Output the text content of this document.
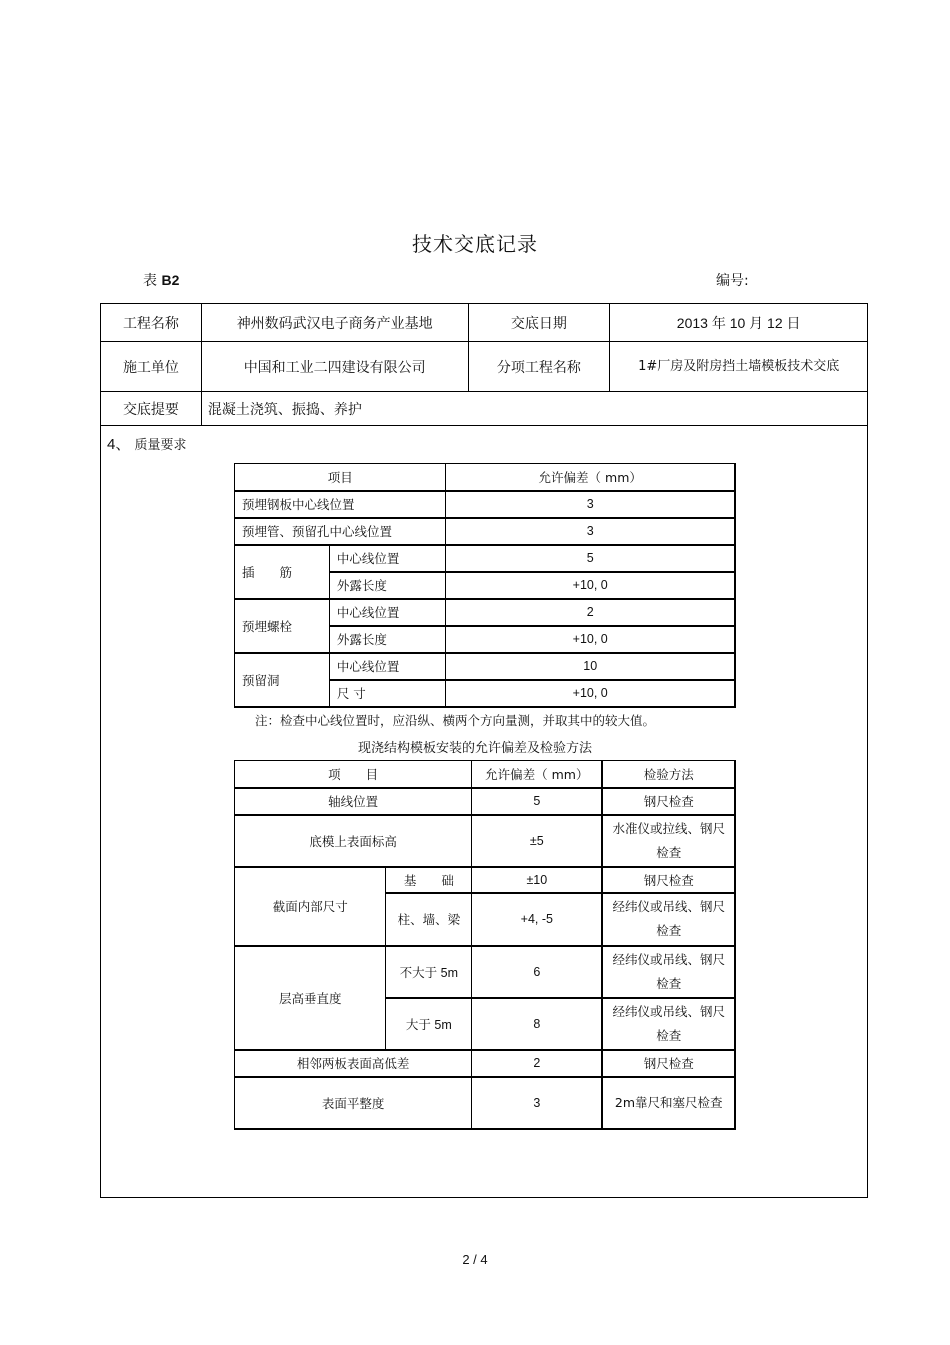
技术交底记录
表 B2	编号:
工程名称	神州数码武汉电子商务产业基地	交底日期	2013 年 10 月 12 日
施工单位	中国和工业二四建设有限公司	分项工程名称	1#厂房及附房挡土墙模板技术交底
交底提要	混凝土浇筑、振捣、养护		
4、 质量要求
项目		允许偏差（ mm）
预埋钢板中心线位置		3
预埋管、预留孔中心线位置		3
插　　筋	中心线位置	5
	外露长度	+10, 0
预埋螺栓	中心线位置	2
	外露长度	+10, 0
预留洞	中心线位置	10
	尺 寸	+10, 0
注：检查中心线位置时，应沿纵、横两个方向量测，并取其中的较大值。
现浇结构模板安装的允许偏差及检验方法
项　　目		允许偏差（ mm）	检验方法
轴线位置		5	钢尺检查
底模上表面标高		±5	水准仪或拉线、钢尺检查
截面内部尺寸	基　　础	±10	钢尺检查
	柱、墙、梁	+4, -5	经纬仪或吊线、钢尺检查
层高垂直度	不大于 5m	6	经纬仪或吊线、钢尺检查
	大于 5m	8	经纬仪或吊线、钢尺检查
相邻两板表面高低差		2	钢尺检查
表面平整度		3	2m靠尺和塞尺检查
2 / 4
